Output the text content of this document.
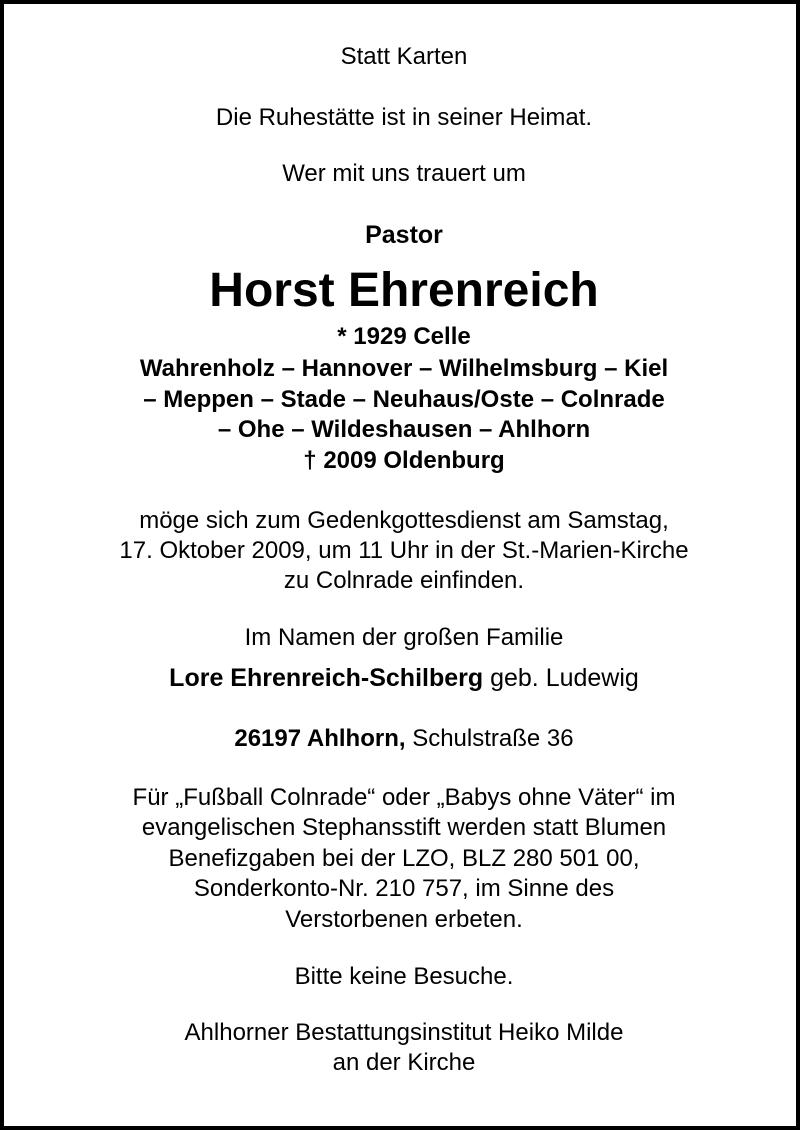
Statt Karten
Die Ruhestätte ist in seiner Heimat.
Wer mit uns trauert um
Pastor
Horst Ehrenreich
* 1929 Celle
Wahrenholz – Hannover – Wilhelmsburg – Kiel
– Meppen – Stade – Neuhaus/Oste – Colnrade
– Ohe – Wildeshausen – Ahlhorn
† 2009 Oldenburg
möge sich zum Gedenkgottesdienst am Samstag,
17. Oktober 2009, um 11 Uhr in der St.-Marien-Kirche
zu Colnrade einfinden.
Im Namen der großen Familie
Lore Ehrenreich-Schilberg geb. Ludewig
26197 Ahlhorn, Schulstraße 36
Für „Fußball Colnrade“ oder „Babys ohne Väter“ im
evangelischen Stephansstift werden statt Blumen
Benefizgaben bei der LZO, BLZ 280 501 00,
Sonderkonto-Nr. 210 757, im Sinne des
Verstorbenen erbeten.
Bitte keine Besuche.
Ahlhorner Bestattungsinstitut Heiko Milde
an der Kirche
